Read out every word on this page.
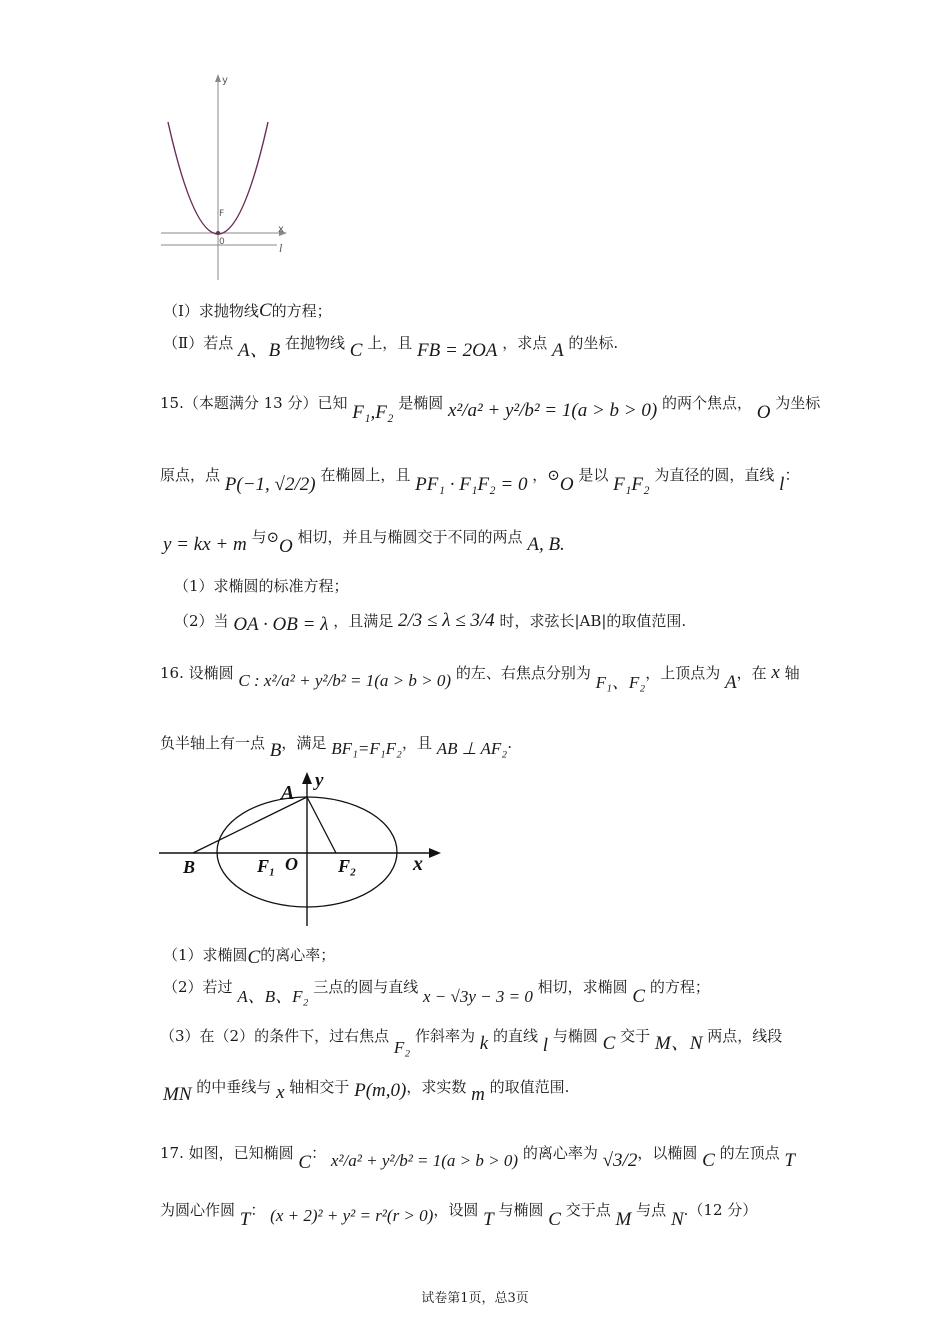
y
x
F
0	l
（Ⅰ）求抛物线C的方程；
（Ⅱ）若点 A、B 在抛物线 C 上，且 FB = 2OA ，求点 A 的坐标.
15.（本题满分 13 分）已知 F₁,F₂ 是椭圆 x²/a² + y²/b² = 1(a > b > 0) 的两个焦点， O 为坐标
原点，点 P(−1, √2/2) 在椭圆上，且 PF₁ · F₁F₂ = 0 ，⊙O 是以 F₁F₂ 为直径的圆，直线 l：
y = kx + m 与⊙O 相切，并且与椭圆交于不同的两点 A, B.
（1）求椭圆的标准方程；
（2）当 OA · OB = λ ，且满足 2/3 ≤ λ ≤ 3/4 时，求弦长|AB|的取值范围.
16. 设椭圆 C : x²/a² + y²/b² = 1(a > b > 0) 的左、右焦点分别为 F₁、F₂，上顶点为 A，在 x 轴
负半轴上有一点 B，满足 BF₁=F₁F₂，且 AB ⊥ AF₂.
A
y
B	F₁ O F₂	x
（1）求椭圆C的离心率；
（2）若过 A、B、F₂ 三点的圆与直线 x − √3y − 3 = 0 相切，求椭圆 C 的方程；
（3）在（2）的条件下，过右焦点 F₂ 作斜率为 k 的直线 l 与椭圆 C 交于 M、N 两点，线段
MN 的中垂线与 x 轴相交于 P(m,0)，求实数 m 的取值范围.
17. 如图，已知椭圆 C： x²/a² + y²/b² = 1(a > b > 0) 的离心率为 √3/2，以椭圆 C 的左顶点 T
为圆心作圆 T： (x + 2)² + y² = r²(r > 0)，设圆 T 与椭圆 C 交于点 M 与点 N.（12 分）
试卷第1页，总3页
